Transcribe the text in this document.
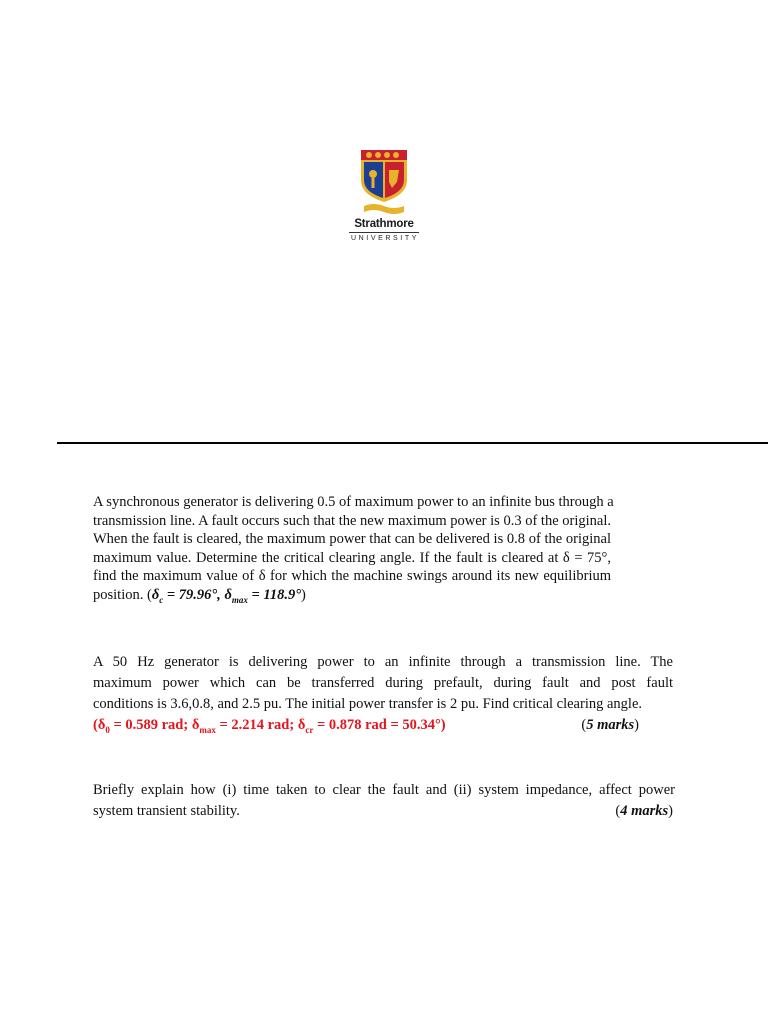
Strathmore
UNIVERSITY
A synchronous generator is delivering 0.5 of maximum power to an infinite bus through a
transmission line. A fault occurs such that the new maximum power is 0.3 of the original.
When the fault is cleared, the maximum power that can be delivered is 0.8 of the original
maximum value. Determine the critical clearing angle. If the fault is cleared at δ = 75°,
find the maximum value of δ for which the machine swings around its new equilibrium
position. ($\delta_c = 79.96^\circ$, $\delta_{max} = 118.9^\circ$)
A 50 Hz generator is delivering power to an infinite through a transmission line. The
maximum power which can be transferred during prefault, during fault and post fault
conditions is 3.6,0.8, and 2.5 pu. The initial power transfer is 2 pu. Find critical clearing angle.
($\delta_0 = 0.589$ rad; $\delta_{max} = 2.214$ rad; $\delta_{cr} = 0.878$ rad = 50.34°)	(5 marks)
Briefly explain how (i) time taken to clear the fault and (ii) system impedance, affect power
system transient stability.	(4 marks)
